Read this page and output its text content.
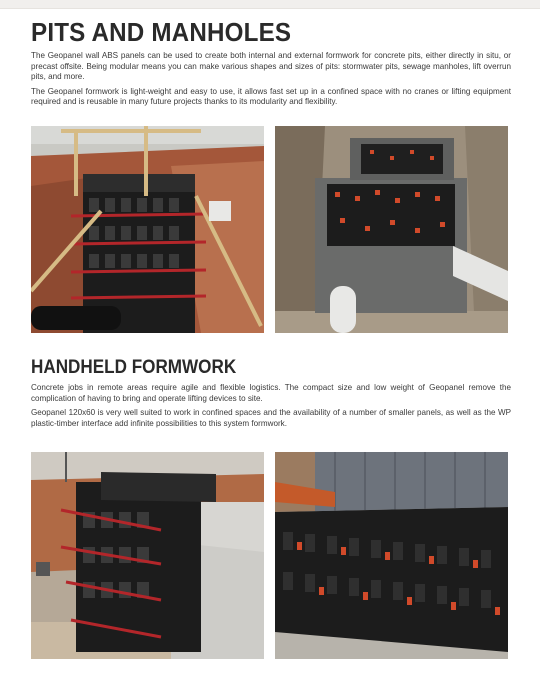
PITS AND MANHOLES

The Geopanel wall ABS panels can be used to create both internal and external formwork for concrete pits, either directly in situ, or precast offsite. Being modular means you can make various shapes and sizes of pits: stormwater pits, sewage manholes, lift overrun pits, and more.

The Geopanel formwork is light-weight and easy to use, it allows fast set up in a confined space with no cranes or lifting equipment required and is reusable in many future projects thanks to its modularity and flexibility.

HANDHELD FORMWORK

Concrete jobs in remote areas require agile and flexible logistics. The compact size and low weight of Geopanel remove the complication of having to bring and operate lifting devices to site.

Geopanel 120x60 is very well suited to work in confined spaces and the availability of a number of smaller panels, as well as the WP plastic-timber interface add infinite possibilities to this system formwork.
